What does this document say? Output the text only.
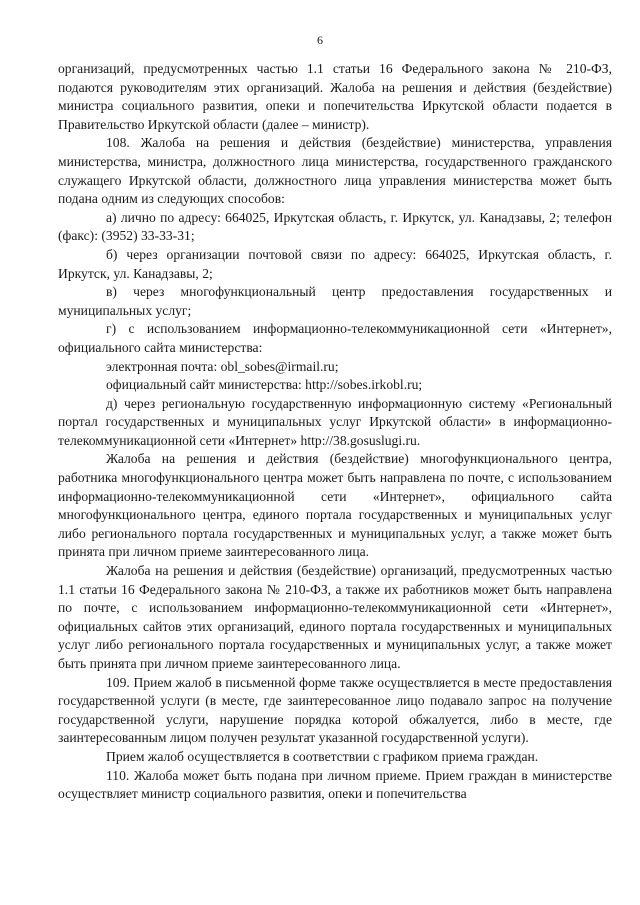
6

организаций, предусмотренных частью 1.1 статьи 16 Федерального закона № 210-ФЗ, подаются руководителям этих организаций. Жалоба на решения и действия (бездействие) министра социального развития, опеки и попечительства Иркутской области подается в Правительство Иркутской области (далее – министр).

108. Жалоба на решения и действия (бездействие) министерства, управления министерства, министра, должностного лица министерства, государственного гражданского служащего Иркутской области, должностного лица управления министерства может быть подана одним из следующих способов:

а) лично по адресу: 664025, Иркутская область, г. Иркутск, ул. Канадзавы, 2; телефон (факс): (3952) 33-33-31;

б) через организации почтовой связи по адресу: 664025, Иркутская область, г. Иркутск, ул. Канадзавы, 2;

в) через многофункциональный центр предоставления государственных и муниципальных услуг;

г) с использованием информационно-телекоммуникационной сети «Интернет», официального сайта министерства:

электронная почта: obl_sobes@irmail.ru;

официальный сайт министерства: http://sobes.irkobl.ru;

д) через региональную государственную информационную систему «Региональный портал государственных и муниципальных услуг Иркутской области» в информационно-телекоммуникационной сети «Интернет» http://38.gosuslugi.ru.

Жалоба на решения и действия (бездействие) многофункционального центра, работника многофункционального центра может быть направлена по почте, с использованием информационно-телекоммуникационной сети «Интернет», официального сайта многофункционального центра, единого портала государственных и муниципальных услуг либо регионального портала государственных и муниципальных услуг, а также может быть принята при личном приеме заинтересованного лица.

Жалоба на решения и действия (бездействие) организаций, предусмотренных частью 1.1 статьи 16 Федерального закона № 210-ФЗ, а также их работников может быть направлена по почте, с использованием информационно-телекоммуникационной сети «Интернет», официальных сайтов этих организаций, единого портала государственных и муниципальных услуг либо регионального портала государственных и муниципальных услуг, а также может быть принята при личном приеме заинтересованного лица.

109. Прием жалоб в письменной форме также осуществляется в месте предоставления государственной услуги (в месте, где заинтересованное лицо подавало запрос на получение государственной услуги, нарушение порядка которой обжалуется, либо в месте, где заинтересованным лицом получен результат указанной государственной услуги).

Прием жалоб осуществляется в соответствии с графиком приема граждан.

110. Жалоба может быть подана при личном приеме. Прием граждан в министерстве осуществляет министр социального развития, опеки и попечительства
